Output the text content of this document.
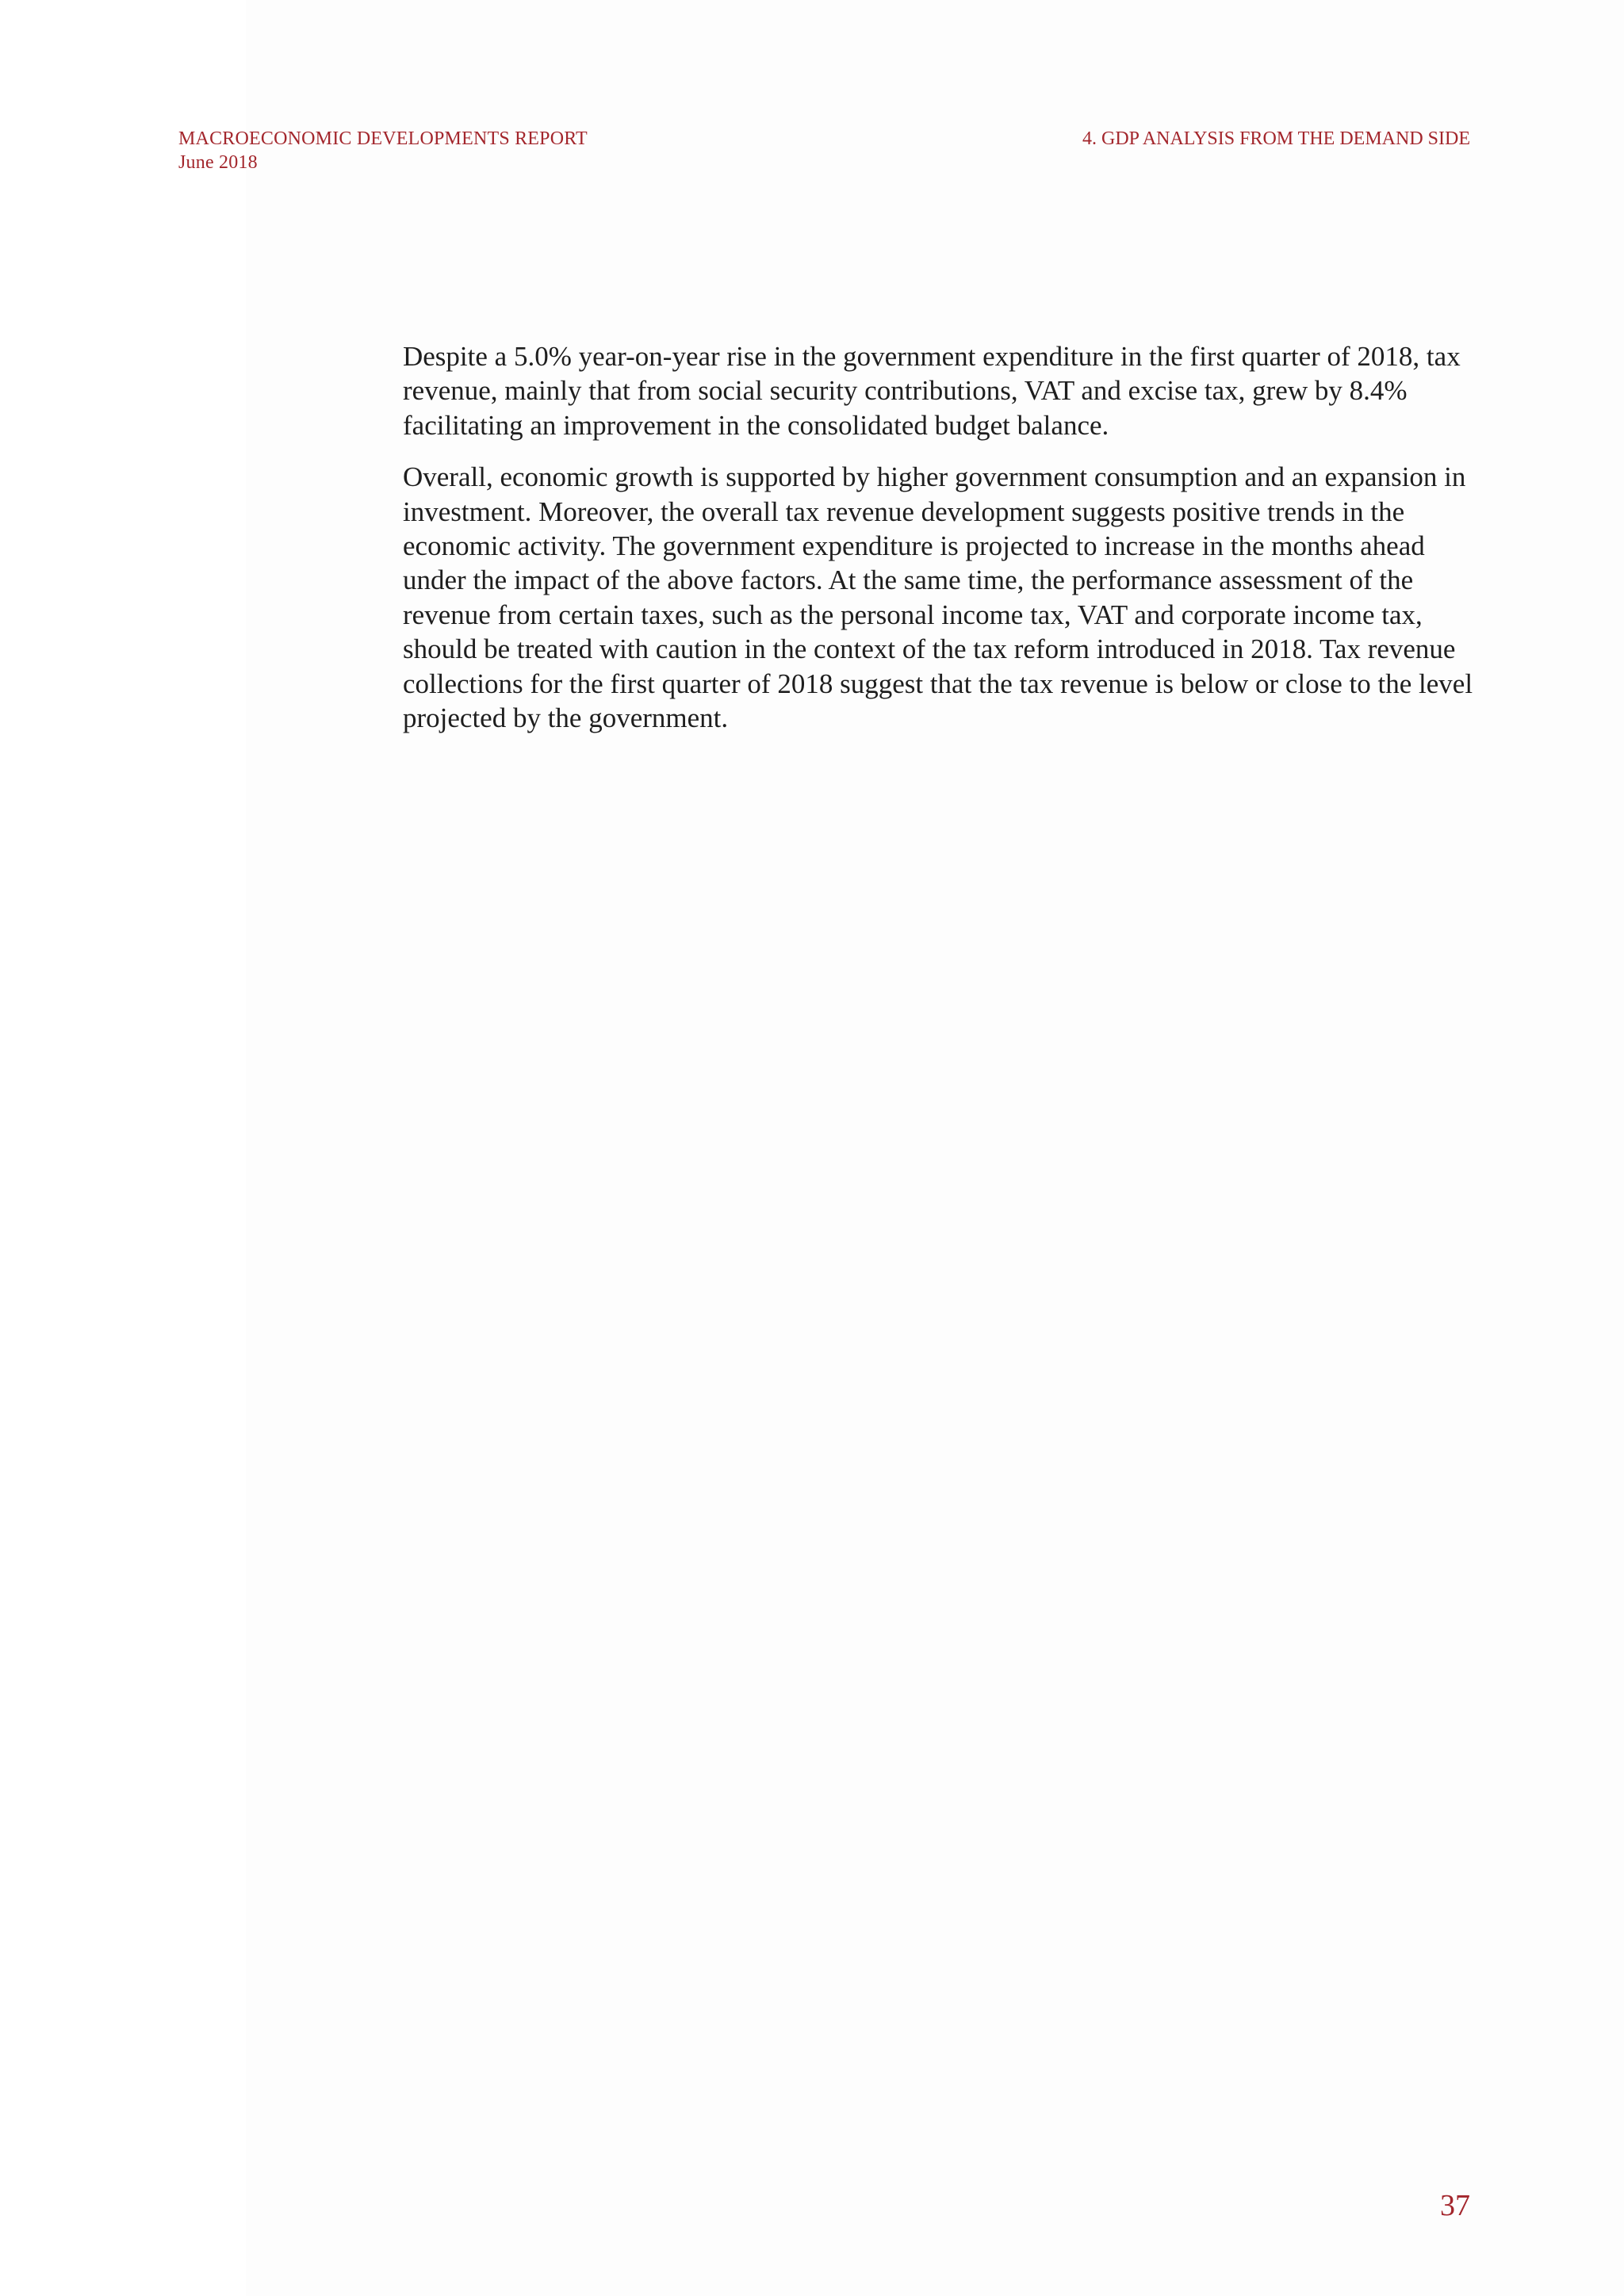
MACROECONOMIC DEVELOPMENTS REPORT
June 2018
4. GDP ANALYSIS FROM THE DEMAND SIDE

Despite a 5.0% year-on-year rise in the government expenditure in the first quarter of 2018, tax revenue, mainly that from social security contributions, VAT and excise tax, grew by 8.4% facilitating an improvement in the consolidated budget balance.

Overall, economic growth is supported by higher government consumption and an expansion in investment. Moreover, the overall tax revenue development suggests positive trends in the economic activity. The government expenditure is projected to increase in the months ahead under the impact of the above factors. At the same time, the performance assessment of the revenue from certain taxes, such as the personal income tax, VAT and corporate income tax, should be treated with caution in the context of the tax reform introduced in 2018. Tax revenue collections for the first quarter of 2018 suggest that the tax revenue is below or close to the level projected by the government.

37
